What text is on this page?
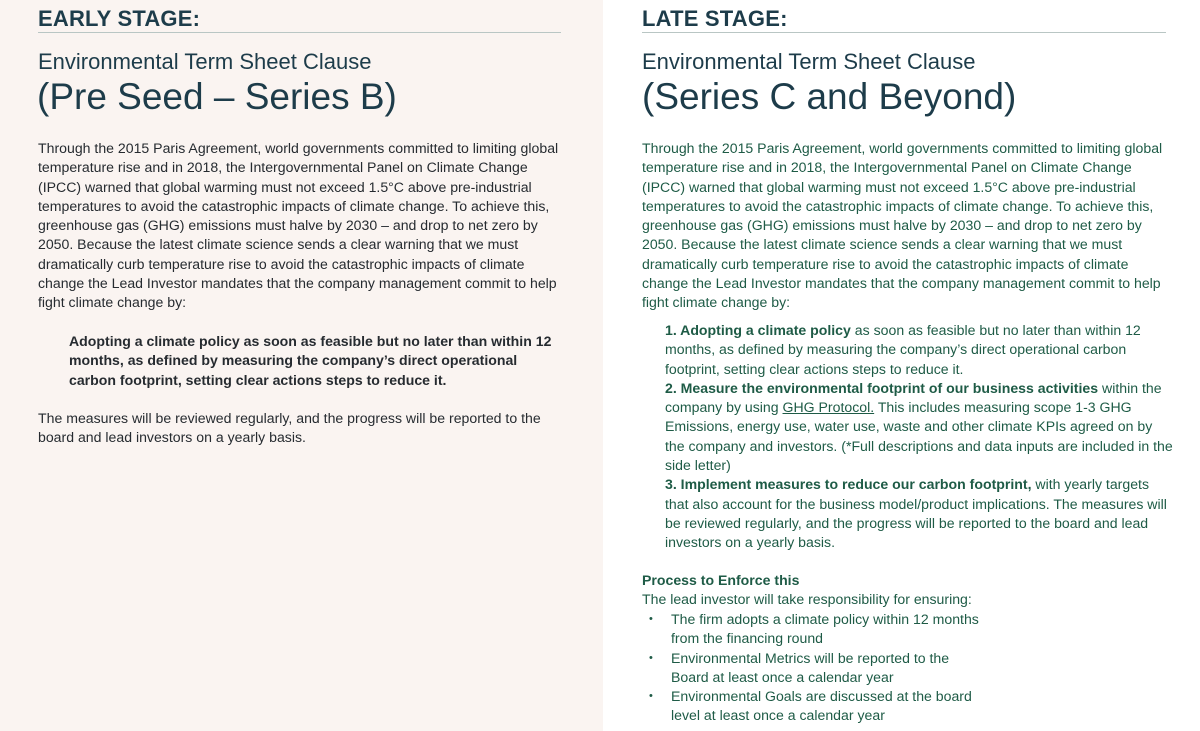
EARLY STAGE:
Environmental Term Sheet Clause
(Pre Seed – Series B)

Through the 2015 Paris Agreement, world governments committed to limiting global temperature rise and in 2018, the Intergovernmental Panel on Climate Change (IPCC) warned that global warming must not exceed 1.5°C above pre-industrial temperatures to avoid the catastrophic impacts of climate change. To achieve this, greenhouse gas (GHG) emissions must halve by 2030 – and drop to net zero by 2050. Because the latest climate science sends a clear warning that we must dramatically curb temperature rise to avoid the catastrophic impacts of climate change the Lead Investor mandates that the company management commit to help fight climate change by:

Adopting a climate policy as soon as feasible but no later than within 12 months, as defined by measuring the company’s direct operational carbon footprint, setting clear actions steps to reduce it.

The measures will be reviewed regularly, and the progress will be reported to the board and lead investors on a yearly basis.

LATE STAGE:
Environmental Term Sheet Clause
(Series C and Beyond)

Through the 2015 Paris Agreement, world governments committed to limiting global temperature rise and in 2018, the Intergovernmental Panel on Climate Change (IPCC) warned that global warming must not exceed 1.5°C above pre-industrial temperatures to avoid the catastrophic impacts of climate change. To achieve this, greenhouse gas (GHG) emissions must halve by 2030 – and drop to net zero by 2050. Because the latest climate science sends a clear warning that we must dramatically curb temperature rise to avoid the catastrophic impacts of climate change the Lead Investor mandates that the company management commit to help fight climate change by:

1. Adopting a climate policy as soon as feasible but no later than within 12 months, as defined by measuring the company’s direct operational carbon footprint, setting clear actions steps to reduce it.
2. Measure the environmental footprint of our business activities within the company by using GHG Protocol. This includes measuring scope 1-3 GHG Emissions, energy use, water use, waste and other climate KPIs agreed on by the company and investors. (*Full descriptions and data inputs are included in the side letter)
3. Implement measures to reduce our carbon footprint, with yearly targets that also account for the business model/product implications. The measures will be reviewed regularly, and the progress will be reported to the board and lead investors on a yearly basis.
Process to Enforce this
The lead investor will take responsibility for ensuring:
• The firm adopts a climate policy within 12 months from the financing round
• Environmental Metrics will be reported to the Board at least once a calendar year
• Environmental Goals are discussed at the board level at least once a calendar year
